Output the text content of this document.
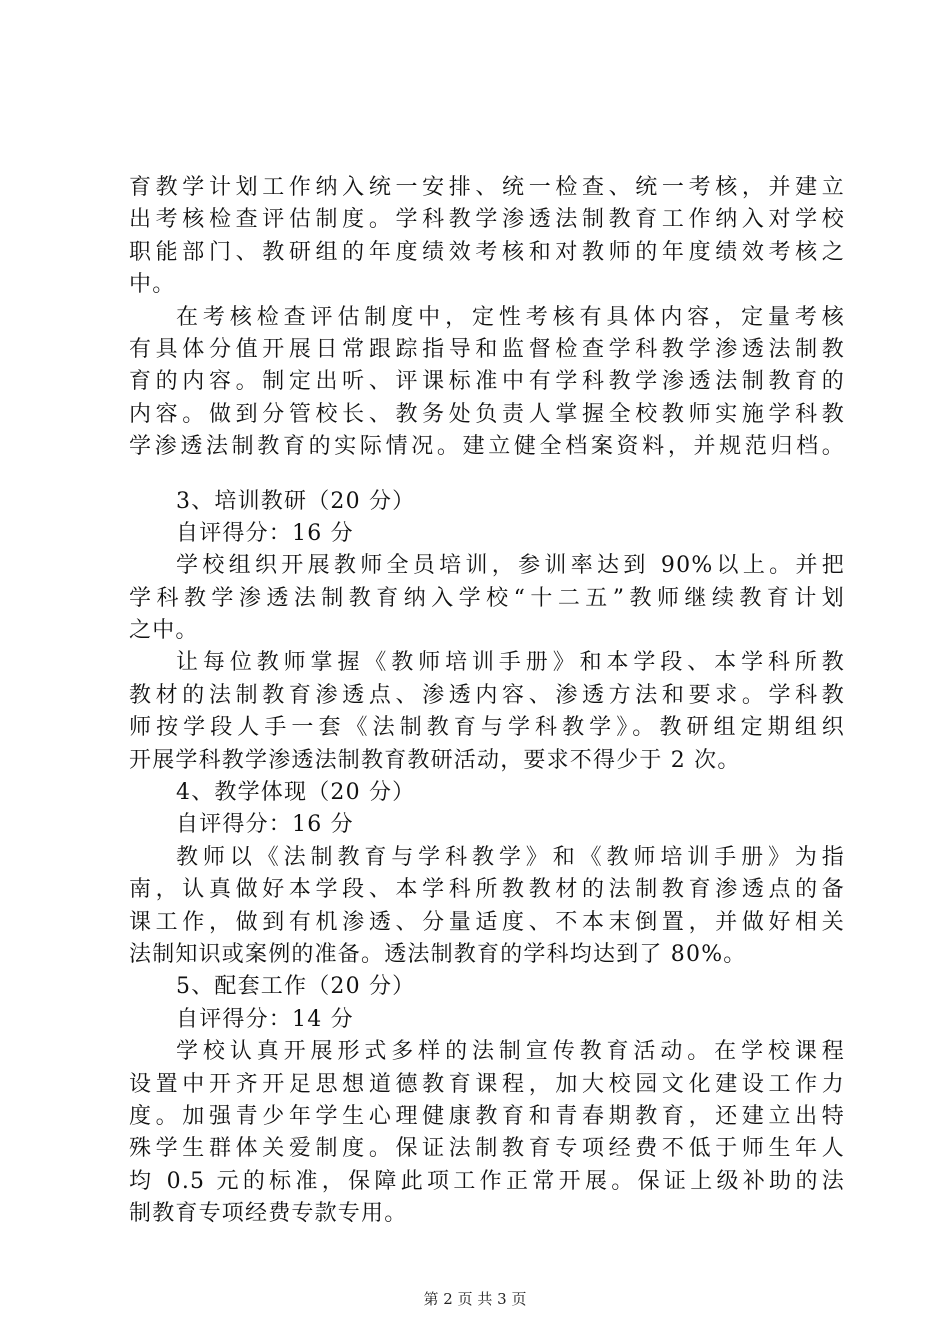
育教学计划工作纳入统一安排、统一检查、统一考核，并建立
出考核检查评估制度。学科教学渗透法制教育工作纳入对学校
职能部门、教研组的年度绩效考核和对教师的年度绩效考核之
中。
在考核检查评估制度中，定性考核有具体内容，定量考核
有具体分值开展日常跟踪指导和监督检查学科教学渗透法制教
育的内容。制定出听、评课标准中有学科教学渗透法制教育的
内容。做到分管校长、教务处负责人掌握全校教师实施学科教
学渗透法制教育的实际情况。建立健全档案资料，并规范归档。
3、培训教研（20 分）
自评得分：16 分
学校组织开展教师全员培训，参训率达到 90%以上。并把
学科教学渗透法制教育纳入学校“十二五”教师继续教育计划
之中。
让每位教师掌握《教师培训手册》和本学段、本学科所教
教材的法制教育渗透点、渗透内容、渗透方法和要求。学科教
师按学段人手一套《法制教育与学科教学》。教研组定期组织
开展学科教学渗透法制教育教研活动，要求不得少于 2 次。
4、教学体现（20 分）
自评得分：16 分
教师以《法制教育与学科教学》和《教师培训手册》为指
南，认真做好本学段、本学科所教教材的法制教育渗透点的备
课工作，做到有机渗透、分量适度、不本末倒置，并做好相关
法制知识或案例的准备。透法制教育的学科均达到了 80%。
5、配套工作（20 分）
自评得分：14 分
学校认真开展形式多样的法制宣传教育活动。在学校课程
设置中开齐开足思想道德教育课程，加大校园文化建设工作力
度。加强青少年学生心理健康教育和青春期教育，还建立出特
殊学生群体关爱制度。保证法制教育专项经费不低于师生年人
均 0.5 元的标准，保障此项工作正常开展。保证上级补助的法
制教育专项经费专款专用。
第 2 页 共 3 页
